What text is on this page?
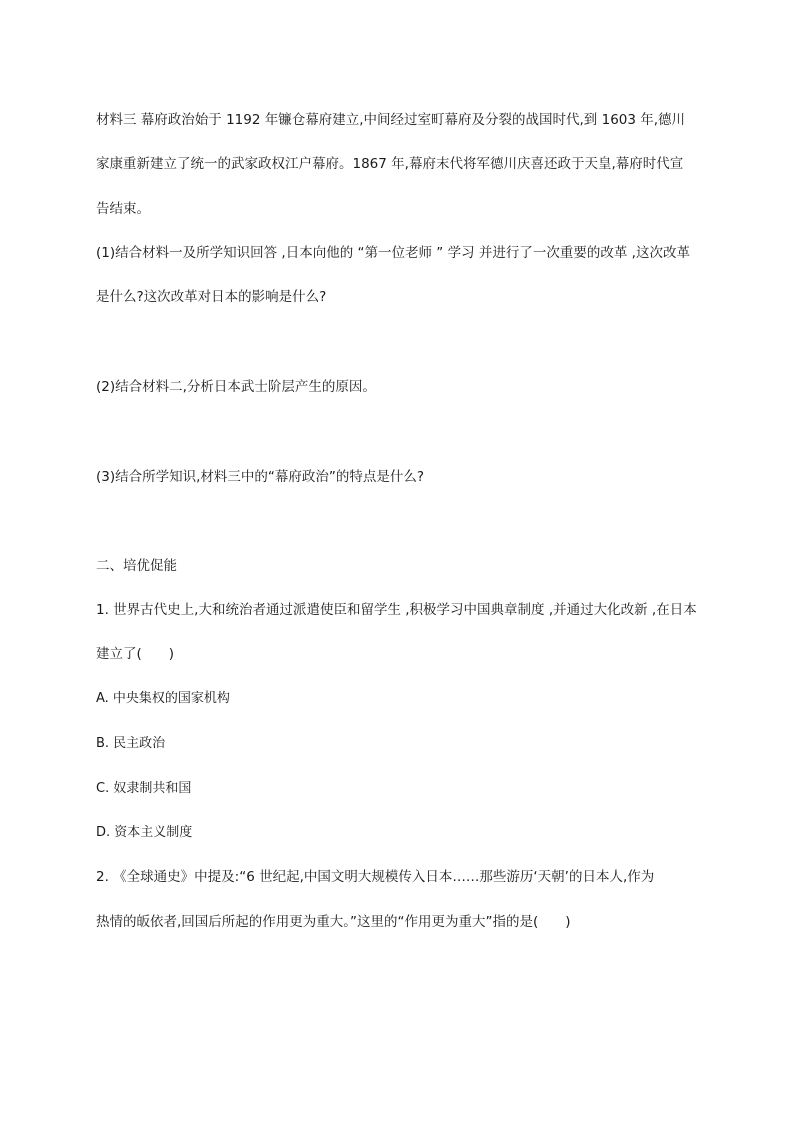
材料三 幕府政治始于 1192 年镰仓幕府建立,中间经过室町幕府及分裂的战国时代,到 1603 年,德川
家康重新建立了统一的武家政权江户幕府。1867 年,幕府末代将军德川庆喜还政于天皇,幕府时代宣
告结束。
(1)结合材料一及所学知识回答 ,日本向他的 “第一位老师 ” 学习 并进行了一次重要的改革 ,这次改革
是什么?这次改革对日本的影响是什么?
(2)结合材料二,分析日本武士阶层产生的原因。
(3)结合所学知识,材料三中的“幕府政治”的特点是什么?
二、培优促能
1. 世界古代史上,大和统治者通过派遣使臣和留学生 ,积极学习中国典章制度 ,并通过大化改新 ,在日本
建立了(　　)
A. 中央集权的国家机构
B. 民主政治
C. 奴隶制共和国
D. 资本主义制度
2. 《全球通史》中提及:“6 世纪起,中国文明大规模传入日本……那些游历‘天朝’的日本人,作为
热情的皈依者,回国后所起的作用更为重大。”这里的“作用更为重大”指的是(　　)
